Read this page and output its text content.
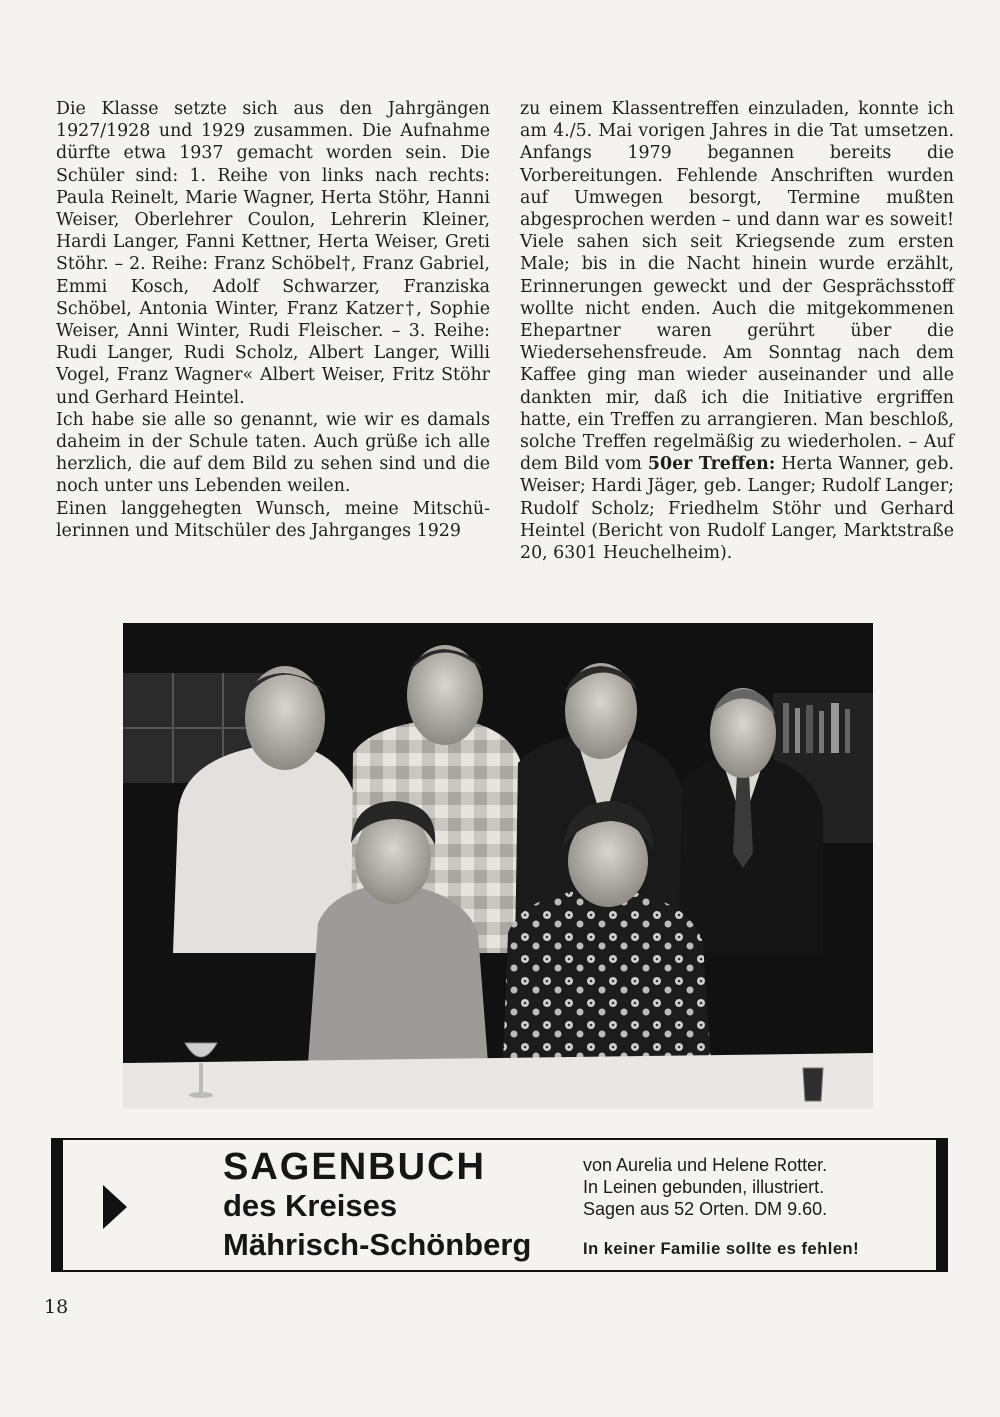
Die Klasse setzte sich aus den Jahrgängen 1927/1928 und 1929 zusammen. Die Aufnahme dürfte etwa 1937 gemacht worden sein. Die Schüler sind: 1. Reihe von links nach rechts: Paula Reinelt, Marie Wagner, Herta Stöhr, Hanni Weiser, Oberlehrer Coulon, Lehrerin Kleiner, Hardi Langer, Fanni Kettner, Herta Weiser, Greti Stöhr. – 2. Reihe: Franz Schöbel†, Franz Gabriel, Emmi Kosch, Adolf Schwarzer, Franziska Schöbel, Antonia Winter, Franz Katzer†, Sophie Weiser, Anni Winter, Rudi Fleischer. – 3. Reihe: Rudi Langer, Rudi Scholz, Albert Langer, Willi Vogel, Franz Wagner« Albert Weiser, Fritz Stöhr und Gerhard Heintel.

Ich habe sie alle so genannt, wie wir es damals daheim in der Schule taten. Auch grüße ich alle herzlich, die auf dem Bild zu sehen sind und die noch unter uns Lebenden weilen.

Einen langgehegten Wunsch, meine Mitschülerinnen und Mitschüler des Jahrganges 1929

zu einem Klassentreffen einzuladen, konnte ich am 4./5. Mai vorigen Jahres in die Tat umsetzen. Anfangs 1979 begannen bereits die Vorbereitungen. Fehlende Anschriften wurden auf Umwegen besorgt, Termine mußten abgesprochen werden – und dann war es soweit! Viele sahen sich seit Kriegsende zum ersten Male; bis in die Nacht hinein wurde erzählt, Erinnerungen geweckt und der Gesprächsstoff wollte nicht enden. Auch die mitgekommenen Ehepartner waren gerührt über die Wiedersehensfreude. Am Sonntag nach dem Kaffee ging man wieder auseinander und alle dankten mir, daß ich die Initiative ergriffen hatte, ein Treffen zu arrangieren. Man beschloß, solche Treffen regelmäßig zu wiederholen. – Auf dem Bild vom 50er Treffen: Herta Wanner, geb. Weiser; Hardi Jäger, geb. Langer; Rudolf Langer; Rudolf Scholz; Friedhelm Stöhr und Gerhard Heintel (Bericht von Rudolf Langer, Marktstraße 20, 6301 Heuchelheim).

SAGENBUCH
des Kreises
Mährisch-Schönberg
von Aurelia und Helene Rotter.
In Leinen gebunden, illustriert.
Sagen aus 52 Orten. DM 9.60.
In keiner Familie sollte es fehlen!
18
